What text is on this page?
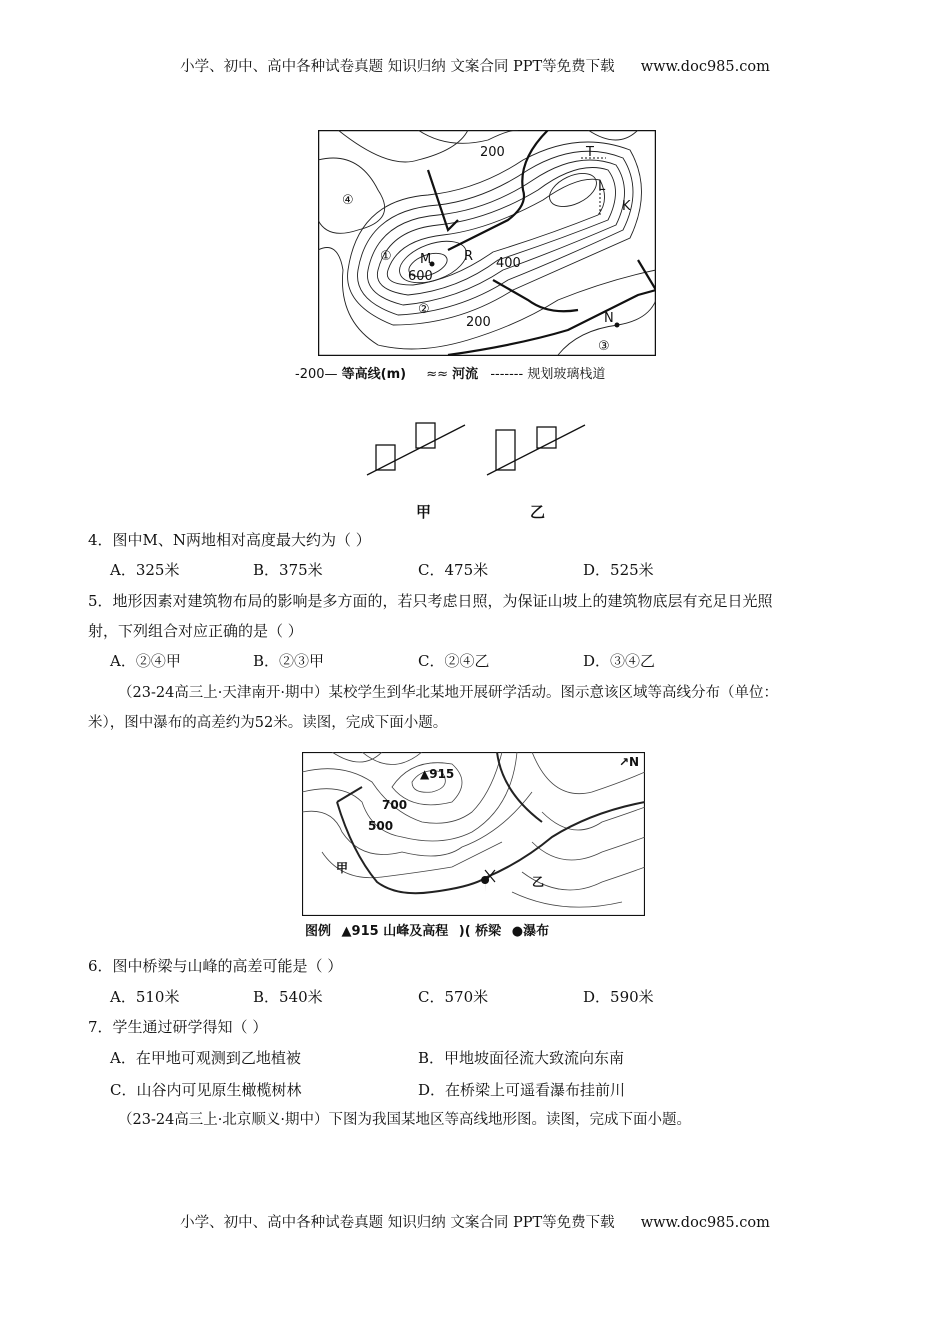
小学、初中、高中各种试卷真题 知识归纳 文案合同 PPT等免费下载 www.doc985.com
200
200
400
600
M	R
T
L
K
N
①
②
③
④
-200— 等高线(m) ≈≈ 河流 ------- 规划玻璃栈道
甲	乙
4．图中M、N两地相对高度最大约为（ ）
A．325米	B．375米	C．475米	D．525米
5．地形因素对建筑物布局的影响是多方面的，若只考虑日照，为保证山坡上的建筑物底层有充足日光照
射，下列组合对应正确的是（ ）
A．②④甲	B．②③甲	C．②④乙	D．③④乙
（23-24高三上·天津南开·期中）某校学生到华北某地开展研学活动。图示意该区域等高线分布（单位：
米），图中瀑布的高差约为52米。读图，完成下面小题。
▲915
700
500
甲
乙
↗N
图例 ▲915 山峰及高程 )( 桥梁 ●瀑布
6．图中桥梁与山峰的高差可能是（ ）
A．510米	B．540米	C．570米	D．590米
7．学生通过研学得知（ ）
A．在甲地可观测到乙地植被	B．甲地坡面径流大致流向东南
C．山谷内可见原生橄榄树林	D．在桥梁上可遥看瀑布挂前川
（23-24高三上·北京顺义·期中）下图为我国某地区等高线地形图。读图，完成下面小题。
小学、初中、高中各种试卷真题 知识归纳 文案合同 PPT等免费下载 www.doc985.com
